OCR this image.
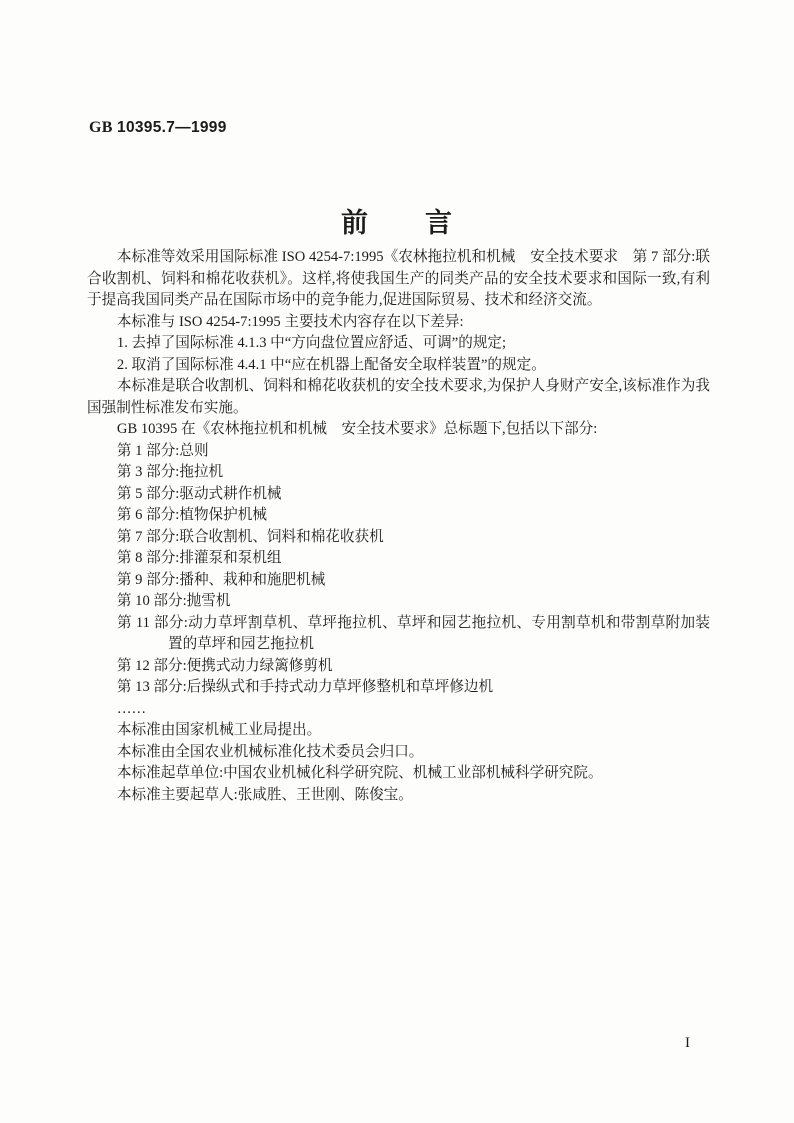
GB 10395.7—1999
前　　言
本标准等效采用国际标准 ISO 4254-7:1995《农林拖拉机和机械　安全技术要求　第 7 部分:联合收割机、饲料和棉花收获机》。这样,将使我国生产的同类产品的安全技术要求和国际一致,有利于提高我国同类产品在国际市场中的竞争能力,促进国际贸易、技术和经济交流。
本标准与 ISO 4254-7:1995 主要技术内容存在以下差异:
1. 去掉了国际标准 4.1.3 中“方向盘位置应舒适、可调”的规定;
2. 取消了国际标准 4.4.1 中“应在机器上配备安全取样装置”的规定。
本标准是联合收割机、饲料和棉花收获机的安全技术要求,为保护人身财产安全,该标准作为我国强制性标准发布实施。
GB 10395 在《农林拖拉机和机械　安全技术要求》总标题下,包括以下部分:
第 1 部分:总则
第 3 部分:拖拉机
第 5 部分:驱动式耕作机械
第 6 部分:植物保护机械
第 7 部分:联合收割机、饲料和棉花收获机
第 8 部分:排灌泵和泵机组
第 9 部分:播种、栽种和施肥机械
第 10 部分:抛雪机
第 11 部分:动力草坪割草机、草坪拖拉机、草坪和园艺拖拉机、专用割草机和带割草附加装置的草坪和园艺拖拉机
第 12 部分:便携式动力绿篱修剪机
第 13 部分:后操纵式和手持式动力草坪修整机和草坪修边机
……
本标准由国家机械工业局提出。
本标准由全国农业机械标准化技术委员会归口。
本标准起草单位:中国农业机械化科学研究院、机械工业部机械科学研究院。
本标准主要起草人:张咸胜、王世刚、陈俊宝。
I
